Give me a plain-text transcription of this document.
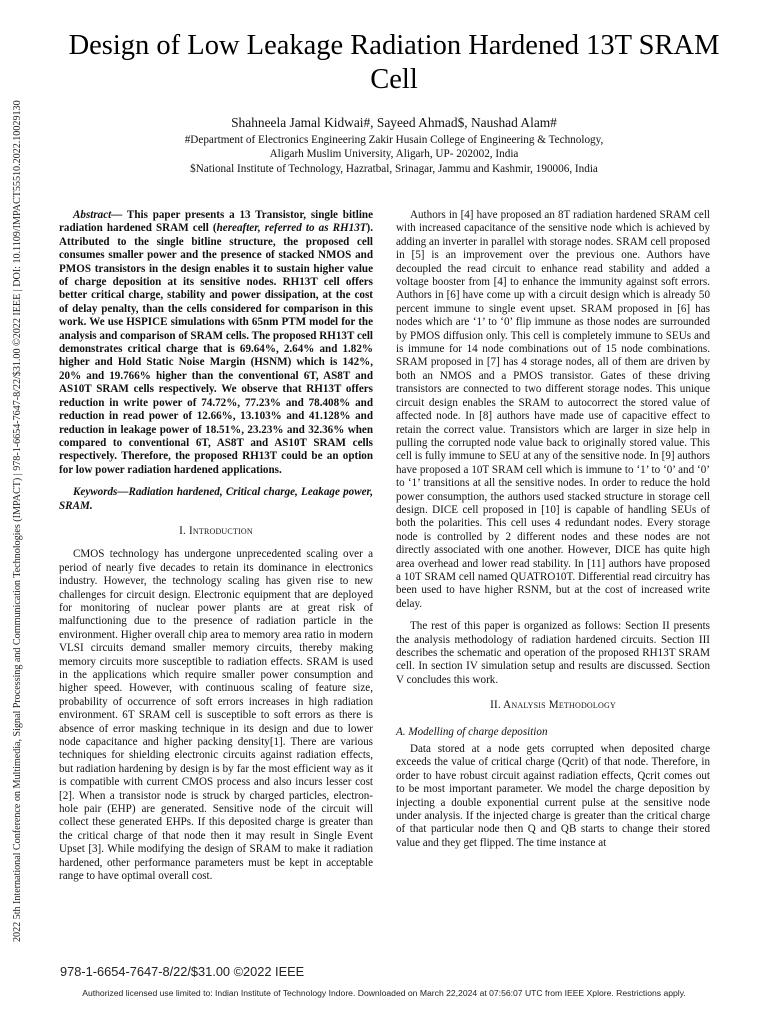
2022 5th International Conference on Multimedia, Signal Processing and Communication Technologies (IMPACT) | 978-1-6654-7647-8/22/$31.00 ©2022 IEEE | DOI: 10.1109/IMPACT55510.2022.10029130
Design of Low Leakage Radiation Hardened 13T SRAM Cell
Shahneela Jamal Kidwai#, Sayeed Ahmad$, Naushad Alam#
#Department of Electronics Engineering Zakir Husain College of Engineering & Technology,
Aligarh Muslim University, Aligarh, UP- 202002, India
$National Institute of Technology, Hazratbal, Srinagar, Jammu and Kashmir, 190006, India

Abstract— This paper presents a 13 Transistor, single bitline radiation hardened SRAM cell (hereafter, referred to as RH13T). Attributed to the single bitline structure, the proposed cell consumes smaller power and the presence of stacked NMOS and PMOS transistors in the design enables it to sustain higher value of charge deposition at its sensitive nodes. RH13T cell offers better critical charge, stability and power dissipation, at the cost of delay penalty, than the cells considered for comparison in this work. We use HSPICE simulations with 65nm PTM model for the analysis and comparison of SRAM cells. The proposed RH13T cell demonstrates critical charge that is 69.64%, 2.64% and 1.82% higher and Hold Static Noise Margin (HSNM) which is 142%, 20% and 19.766% higher than the conventional 6T, AS8T and AS10T SRAM cells respectively. We observe that RH13T offers reduction in write power of 74.72%, 77.23% and 78.408% and reduction in read power of 12.66%, 13.103% and 41.128% and reduction in leakage power of 18.51%, 23.23% and 32.36% when compared to conventional 6T, AS8T and AS10T SRAM cells respectively. Therefore, the proposed RH13T could be an option for low power radiation hardened applications.

Keywords—Radiation hardened, Critical charge, Leakage power, SRAM.

I. Introduction

CMOS technology has undergone unprecedented scaling over a period of nearly five decades to retain its dominance in electronics industry. However, the technology scaling has given rise to new challenges for circuit design. Electronic equipment that are deployed for monitoring of nuclear power plants are at great risk of malfunctioning due to the presence of radiation particle in the environment. Higher overall chip area to memory area ratio in modern VLSI circuits demand smaller memory circuits, thereby making memory circuits more susceptible to radiation effects. SRAM is used in the applications which require smaller power consumption and higher speed. However, with continuous scaling of feature size, probability of occurrence of soft errors increases in high radiation environment. 6T SRAM cell is susceptible to soft errors as there is absence of error masking technique in its design and due to lower node capacitance and higher packing density[1]. There are various techniques for shielding electronic circuits against radiation effects, but radiation hardening by design is by far the most efficient way as it is compatible with current CMOS process and also incurs lesser cost [2]. When a transistor node is struck by charged particles, electron-hole pair (EHP) are generated. Sensitive node of the circuit will collect these generated EHPs. If this deposited charge is greater than the critical charge of that node then it may result in Single Event Upset [3]. While modifying the design of SRAM to make it radiation hardened, other performance parameters must be kept in acceptable range to have optimal overall cost.

Authors in [4] have proposed an 8T radiation hardened SRAM cell with increased capacitance of the sensitive node which is achieved by adding an inverter in parallel with storage nodes. SRAM cell proposed in [5] is an improvement over the previous one. Authors have decoupled the read circuit to enhance read stability and added a voltage booster from [4] to enhance the immunity against soft errors. Authors in [6] have come up with a circuit design which is already 50 percent immune to single event upset. SRAM proposed in [6] has nodes which are ‘1’ to ‘0’ flip immune as those nodes are surrounded by PMOS diffusion only. This cell is completely immune to SEUs and is immune for 14 node combinations out of 15 node combinations. SRAM proposed in [7] has 4 storage nodes, all of them are driven by both an NMOS and a PMOS transistor. Gates of these driving transistors are connected to two different storage nodes. This unique circuit design enables the SRAM to autocorrect the stored value of affected node. In [8] authors have made use of capacitive effect to retain the correct value. Transistors which are larger in size help in pulling the corrupted node value back to originally stored value. This cell is fully immune to SEU at any of the sensitive node. In [9] authors have proposed a 10T SRAM cell which is immune to ‘1’ to ‘0’ and ‘0’ to ‘1’ transitions at all the sensitive nodes. In order to reduce the hold power consumption, the authors used stacked structure in storage cell design. DICE cell proposed in [10] is capable of handling SEUs of both the polarities. This cell uses 4 redundant nodes. Every storage node is controlled by 2 different nodes and these nodes are not directly associated with one another. However, DICE has quite high area overhead and lower read stability. In [11] authors have proposed a 10T SRAM cell named QUATRO10T. Differential read circuitry has been used to have higher RSNM, but at the cost of increased write delay.

The rest of this paper is organized as follows: Section II presents the analysis methodology of radiation hardened circuits. Section III describes the schematic and operation of the proposed RH13T SRAM cell. In section IV simulation setup and results are discussed. Section V concludes this work.

II. Analysis Methodology
A. Modelling of charge deposition

Data stored at a node gets corrupted when deposited charge exceeds the value of critical charge (Qcrit) of that node. Therefore, in order to have robust circuit against radiation effects, Qcrit comes out to be most important parameter. We model the charge deposition by injecting a double exponential current pulse at the sensitive node under analysis. If the injected charge is greater than the critical charge of that particular node then Q and QB starts to change their stored value and they get flipped. The time instance at

978-1-6654-7647-8/22/$31.00 ©2022 IEEE
Authorized licensed use limited to: Indian Institute of Technology Indore. Downloaded on March 22,2024 at 07:56:07 UTC from IEEE Xplore. Restrictions apply.
